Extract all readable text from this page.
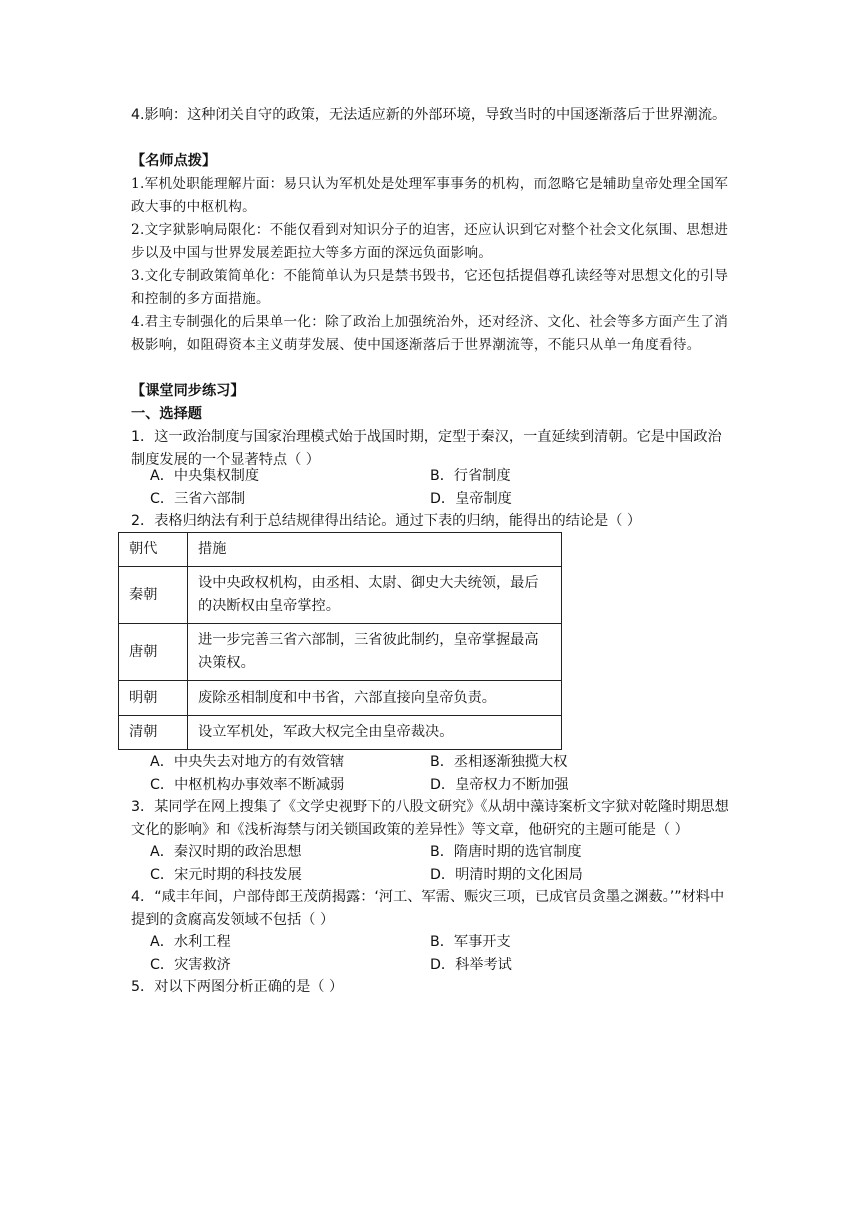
4.影响：这种闭关自守的政策，无法适应新的外部环境，导致当时的中国逐渐落后于世界潮流。

【名师点拨】

1.军机处职能理解片面：易只认为军机处是处理军事事务的机构，而忽略它是辅助皇帝处理全国军政大事的中枢机构。

2.文字狱影响局限化：不能仅看到对知识分子的迫害，还应认识到它对整个社会文化氛围、思想进步以及中国与世界发展差距拉大等多方面的深远负面影响。

3.文化专制政策简单化：不能简单认为只是禁书毁书，它还包括提倡尊孔读经等对思想文化的引导和控制的多方面措施。

4.君主专制强化的后果单一化：除了政治上加强统治外，还对经济、文化、社会等多方面产生了消极影响，如阻碍资本主义萌芽发展、使中国逐渐落后于世界潮流等，不能只从单一角度看待。

【课堂同步练习】

一、选择题

1．这一政治制度与国家治理模式始于战国时期，定型于秦汉，一直延续到清朝。它是中国政治制度发展的一个显著特点（ ）

A．中央集权制度	B．行省制度
C．三省六部制	D．皇帝制度

2．表格归纳法有利于总结规律得出结论。通过下表的归纳，能得出的结论是（ ）

朝代	措施
秦朝	设中央政权机构，由丞相、太尉、御史大夫统领，最后的决断权由皇帝掌控。
唐朝	进一步完善三省六部制，三省彼此制约，皇帝掌握最高决策权。
明朝	废除丞相制度和中书省，六部直接向皇帝负责。
清朝	设立军机处，军政大权完全由皇帝裁决。
A．中央失去对地方的有效管辖	B．丞相逐渐独揽大权
C．中枢机构办事效率不断减弱	D．皇帝权力不断加强

3．某同学在网上搜集了《文学史视野下的八股文研究》《从胡中藻诗案析文字狱对乾隆时期思想文化的影响》和《浅析海禁与闭关锁国政策的差异性》等文章，他研究的主题可能是（ ）

A．秦汉时期的政治思想	B．隋唐时期的选官制度
C．宋元时期的科技发展	D．明清时期的文化困局

4．“咸丰年间，户部侍郎王茂荫揭露：‘河工、军需、赈灾三项，已成官员贪墨之渊薮。’”材料中提到的贪腐高发领域不包括（ ）

A．水利工程	B．军事开支
C．灾害救济	D．科举考试

5．对以下两图分析正确的是（ ）
